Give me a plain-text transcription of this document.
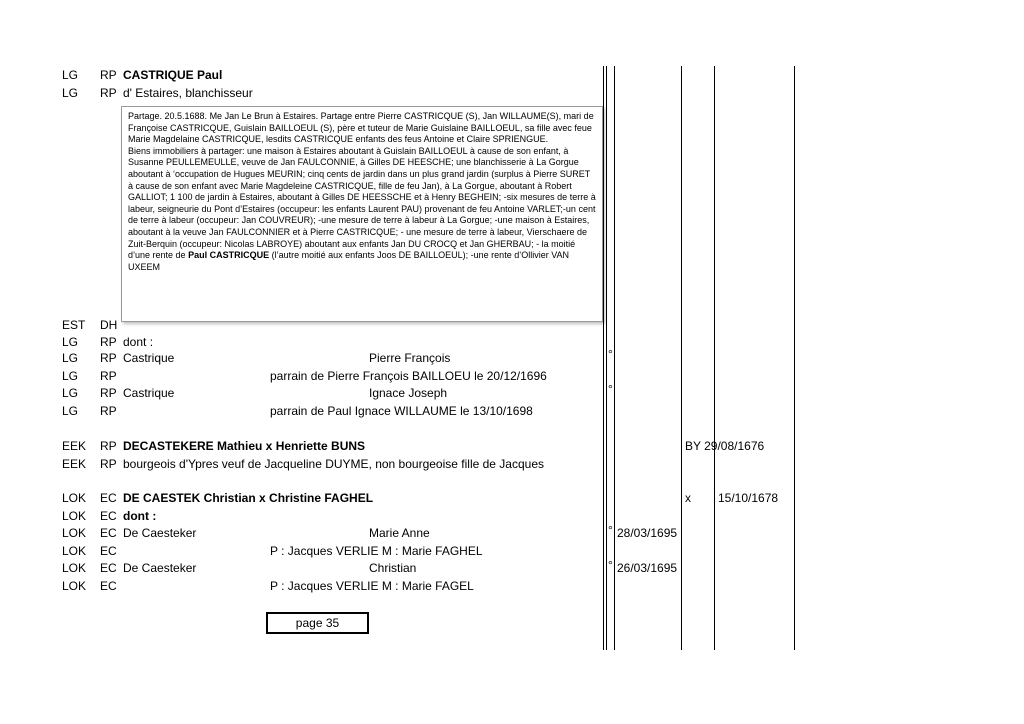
LG RP CASTRIQUE Paul
LG RP d' Estaires, blanchisseur
EST DH
LG RP dont :
LG RP Castrique	Pierre François	°
LG RP	parrain de Pierre François BAILLOEU le 20/12/1696
LG RP Castrique	Ignace Joseph	°
LG RP	parrain de Paul Ignace WILLAUME le 13/10/1698
EEK RP DECASTEKERE Mathieu x Henriette BUNS	BY 29/08/1676
EEK RP bourgeois d'Ypres veuf de Jacqueline DUYME, non bourgeoise fille de Jacques
LOK EC DE CAESTEK Christian x Christine FAGHEL	x 15/10/1678
LOK EC dont :
LOK EC De Caesteker	Marie Anne	° 28/03/1695
LOK EC	P : Jacques VERLIE M : Marie FAGHEL
LOK EC De Caesteker	Christian	° 26/03/1695
LOK EC	P : Jacques VERLIE M : Marie FAGEL

Partage. 20.5.1688. Me Jan Le Brun à Estaires. Partage entre Pierre CASTRICQUE (S), Jan WILLAUME(S), mari de Françoise CASTRICQUE, Guislain BAILLOEUL (S), père et tuteur de Marie Guislaine BAILLOEUL, sa fille avec feue Marie Magdelaine CASTRICQUE, lesdits CASTRICQUE enfants des feus Antoine et Claire SPRIENGUE.

Biens immobiliers à partager: une maison à Estaires aboutant à Guislain BAILLOEUL à cause de son enfant, à Susanne PEULLEMEULLE, veuve de Jan FAULCONNIE, à Gilles DE HEESCHE; une blanchisserie à La Gorgue aboutant à ‘occupation de Hugues MEURIN; cinq cents de jardin dans un plus grand jardin (surplus à Pierre SURET à cause de son enfant avec Marie Magdeleine CASTRICQUE, fille de feu Jan), à La Gorgue, aboutant à Robert GALLIOT; 1 100 de jardin à Estaires, aboutant à Gilles DE HEESSCHE et à Henry BEGHEIN; -six mesures de terre à labeur, seigneurie du Pont d’Estaires (occupeur: les enfants Laurent PAU) provenant de feu Antoine VARLET;-un cent de terre à labeur (occupeur: Jan COUVREUR); -une mesure de terre à labeur à La Gorgue; -une maison à Estaires, aboutant à la veuve Jan FAULCONNIER et à Pierre CASTRICQUE; - une mesure de terre à labeur, Vierschaere de Zuit-Berquin (occupeur: Nicolas LABROYE) aboutant aux enfants Jan DU CROCQ et Jan GHERBAU; - la moitié d’une rente de Paul CASTRICQUE (l’autre moitié aux enfants Joos DE BAILLOEUL); -une rente d’Ollivier VAN UXEEM

page 35
